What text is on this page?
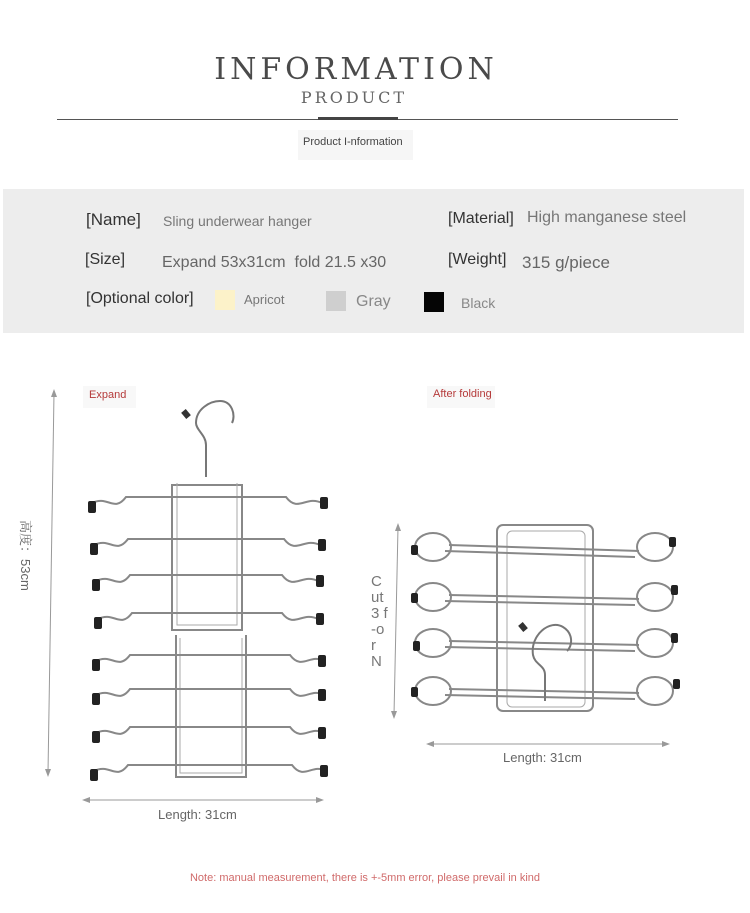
INFORMATION
PRODUCT
Product I-nformation
[Name] Sling underwear hanger	[Material] High manganese steel
[Size] Expand 53x31cm  fold 21.5 x30	[Weight] 315 g/piece
[Optional color]	Apricot	Gray	Black
Expand
高度：53cm
Length: 31cm
After folding
Cut 3 f-or N
Length: 31cm
Note: manual measurement, there is +-5mm error, please prevail in kind
